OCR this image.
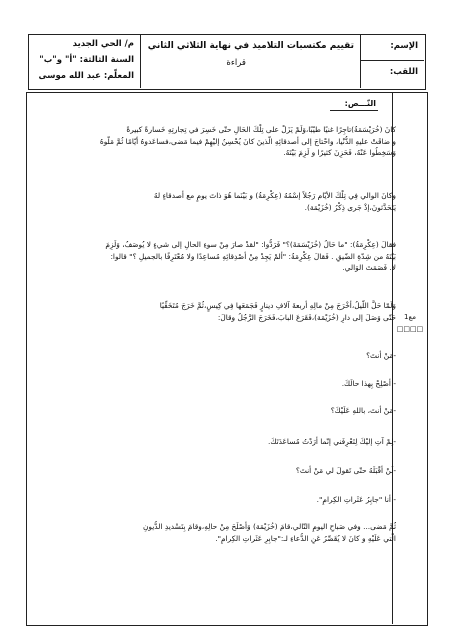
الإسم:
اللقب:
تقييم مكتسبات التلاميذ في نهاية الثلاثي الثاني
قراءة
م/ الحي الجديد
السنة الثالثة: "أ" و"ب"
المعلّم: عبد الله موسى
النّـــص:
مع1
□□□□
كانَ (خُرَيْسَمَةُ)تاجِرًا غنيًا طيّبًا،وَلَمْ يَزَلْ على تِلْكَ الحَالِ حتّى خَسِرَ في تِجارتِهِ خَسارةً كبيرةً
و ضاقَتْ عليهِ الدُّنْيا، واحْتاجَ إلى أصدقائِهِ الّذينَ كانَ يُحْسِنُ إليْهِمْ فيما مَضى،فساعَدوهُ أيّامًا ثُمَّ مَلّوهُ
وَسَخِطُوا عَنْهُ، فَحَزِنَ كثيرًا و لَزِمَ بَيْتَهُ.
وكانَ الوالي فِي تِلْكَ الأيّام رَجُلاً إسْمُهُ (عِكْرِمَةُ) و بَيْنَما هُوَ ذاتَ يومٍ مع أصدقاءٍ لهُ
يَتَحَدَّثونَ،إذْ جَرى ذِكْرُ (خُزَيْمَة).
فقالَ (عِكْرِمَةُ): "ما حَالُ (خُزَيْسَمَةَ)؟" فَرَدُّوا: "لقدْ صارَ مِنْ سوءِ الحالِ إلى شيءٍ لا يُوصَفُ، وَلَزِمَ
بَيْتَهُ من شِدّةِ الضّيقِ . فَقالَ عِكْرِمَةُ: "ألمْ يَجِدْ مِنْ أصْدِقائِهِ مُساعِدًا ولا مُعْتَرِفًا بالجميلِ ؟" قالوا:
لا. فَصَمَتَ الوَالي.
وَلَمّا حَلَّ اللَّيلُ،أخْرَجَ مِنْ مالِهِ أربعةَ آلافِ دينارٍ فَجَمَعَها فِي كِيسٍ،ثُمَّ خَرَجَ مُتَخَفِّيًا
حَتّى وَصَلَ إلى دارِ (خُزَيْمَة)،فَقَرَعَ البابَ،فَخَرَجَ الرَّجُلُ وقالَ:
-مَنْ أنتَ؟
- أُصْلِحْ بِهذا حالَكَ.
-مَنْ أنتَ، باللهِ عَلَيْكَ؟
-لِمْ آتِ إليْكَ لِتَعْرِفَني إنّما أرَدْتُ مُساعَدَتَكَ.
-لَنْ أقْبَلَهُ حتّى تَقولَ لي مَنْ أنتَ؟
- أنا "جابِرُ عَثَراتِ الكِرامِ".
ثُمَّ مَضى... وفي صَباحِ اليومِ التّالي،قامَ (خُزَيْمَة) وَأَصْلَحَ مِنْ حالِهِ،وقامَ بِتَسْديدِ الدُّيونِ
الّتي عَلَيْهِ و كانَ لا يُقَصِّرُ عَنِ الدُّعاءِ لـ:"جابِرِ عَثَراتِ الكِرامِ".
